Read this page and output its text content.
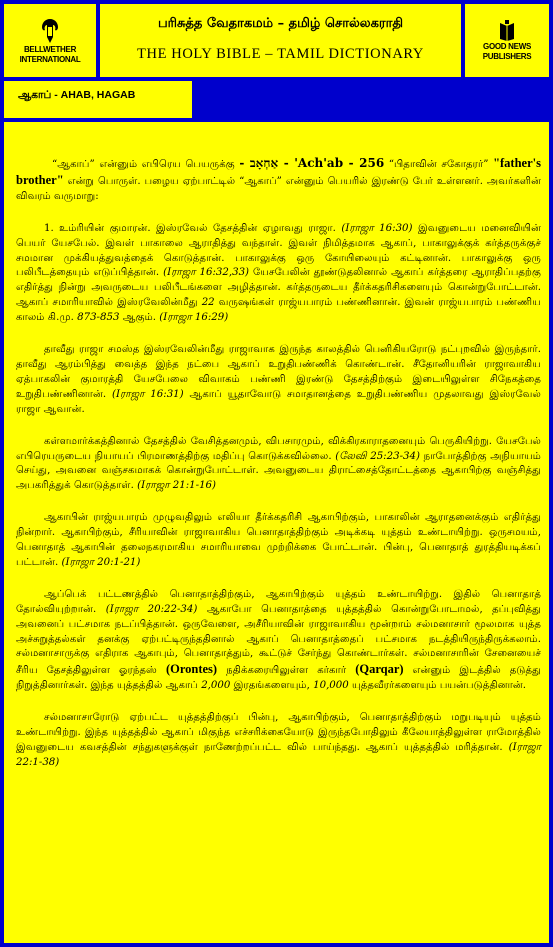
BELLWETHER
INTERNATIONAL
பரிசுத்த வேதாகமம் – தமிழ் சொல்லகராதி
THE HOLY BIBLE – TAMIL DICTIONARY	GOOD NEWS
PUBLISHERS
ஆகாப் - AHAB, HAGAB

“ஆகாப்” என்னும் எபிரெய பெயருக்கு - אַחְאָב - 'Ach'ab - 256 “பிதாவின் சகோதரர்” "father's brother" என்று பொருள். பழைய ஏற்பாட்டில் “ஆகாப்” என்னும் பெயரில் இரண்டு பேர் உள்ளனர். அவர்களின் விவரம் வருமாறு:

1. உம்ரியின் குமாரன். இஸ்ரவேல் தேசத்தின் ஏழாவது ராஜா. (Iராஜா 16:30) இவனுடைய மனைவியின் பெயர் யேசபேல். இவள் பாகாலை ஆராதித்து வந்தாள். இவள் நிமித்தமாக ஆகாப், பாகாலுக்குக் கர்த்தருக்குச் சமமான முக்கியத்துவத்தைக் கொடுத்தான். பாகாலுக்கு ஒரு கோயிலையும் கட்டினான். பாகாலுக்கு ஒரு பலிபீடத்தையும் எடுப்பித்தான். (Iராஜா 16:32,33) யேசபேலின் தூண்டுதலினால் ஆகாப் கர்த்தரை ஆராதிப்பதற்கு எதிர்த்து நின்று அவருடைய பலிபீடங்களை அழித்தான். கர்த்தருடைய தீர்க்கதரிசிகளையும் கொன்றுபோட்டான். ஆகாப் சமாரியாவில் இஸ்ரவேலின்மீது 22 வருஷங்கள் ராஜ்யபாரம் பண்ணினான். இவன் ராஜ்யபாரம் பண்ணிய காலம் கி.மு. 873-853 ஆகும். (Iராஜா 16:29)

தாவீது ராஜா சமஸ்த இஸ்ரவேலின்மீது ராஜாவாக இருந்த காலத்தில் பெனிகியரோடு நட்புறவில் இருந்தார். தாவீது ஆரம்பித்து வைத்த இந்த நட்பை ஆகாப் உறுதிபண்ணிக் கொண்டான். சீதோனியரின் ராஜாவாகிய ஏத்பாகலின் குமாரத்தி யேசபேலை விவாகம் பண்ணி இரண்டு தேசத்திற்கும் இடையிலுள்ள சிநேகத்தை உறுதிபண்ணினான். (Iராஜா 16:31) ஆகாப் யூதாவோடு சமாதானத்தை உறுதிபண்ணிய முதலாவது இஸ்ரவேல் ராஜா ஆவான்.

கள்ளமார்க்கத்தினால் தேசத்தில் வேசித்தனமும், விபசாரமும், விக்கிரகாராதனையும் பெருகியிற்று. யேசபேல் எபிரெயருடைய நியாயப் பிரமாணத்திற்கு மதிப்பு கொடுக்கவில்லை. (லேவி 25:23-34) நாபோத்திற்கு அநியாயம் செய்து, அவனை வஞ்சகமாகக் கொன்றுபோட்டாள். அவனுடைய திராட்சைத்தோட்டத்தை ஆகாபிற்கு வஞ்சித்து அபகரித்துக் கொடுத்தாள். (Iராஜா 21:1-16)

ஆகாபின் ராஜ்யபாரம் முழுவதிலும் எலியா தீர்க்கதரிசி ஆகாபிற்கும், பாகாலின் ஆராதனைக்கும் எதிர்த்து நின்றார். ஆகாபிற்கும், சீரியாவின் ராஜாவாகிய பெனாதாத்திற்கும் அடிக்கடி யுத்தம் உண்டாயிற்று. ஒருசமயம், பெனாதாத் ஆகாபின் தலைநகரமாகிய சமாரியாவை முற்றிக்கை போட்டான். பின்பு, பெனாதாத் துரத்தியடிக்கப் பட்டான். (Iராஜா 20:1-21)

ஆப்பெக் பட்டணத்தில் பெனாதாத்திற்கும், ஆகாபிற்கும் யுத்தம் உண்டாயிற்று. இதில் பெனாதாத் தோல்வியுற்றான். (Iராஜா 20:22-34) ஆகாபோ பெனாதாத்தை யுத்தத்தில் கொன்றுபோடாமல், தப்புவித்து அவனைப் பட்சமாக நடப்பித்தான். ஒருவேளை, அசீரியாவின் ராஜாவாகிய மூன்றாம் சல்மனாசார் மூலமாக யுத்த அச்சுறுத்தல்கள் தனக்கு ஏற்பட்டிருந்ததினால் ஆகாப் பெனாதாத்தைப் பட்சமாக நடத்தியிருந்திருக்கலாம். சல்மனாசாருக்கு எதிராக ஆகாபும், பெனாதாத்தும், கூட்டுச் சேர்ந்து கொண்டார்கள். சல்மனாசாரின் சேனையைச் சீரிய தேசத்திலுள்ள ஓரந்தஸ் (Orontes) நதிக்கரையிலுள்ள கர்கார் (Qarqar) என்னும் இடத்தில் தடுத்து நிறுத்தினார்கள். இந்த யுத்தத்தில் ஆகாப் 2,000 இரதங்களையும், 10,000 யுத்தவீரர்களையும் பயன்படுத்தினான்.

சல்மனாசாரோடு ஏற்பட்ட யுத்தத்திற்குப் பின்பு, ஆகாபிற்கும், பெனாதாத்திற்கும் மறுபடியும் யுத்தம் உண்டாயிற்று. இந்த யுத்தத்தில் ஆகாப் மிகுந்த எச்சரிக்கையோடு இருந்தபோதிலும் கீலேயாத்திலுள்ள ராமோத்தில் இவனுடைய கவசத்தின் சந்துகளுக்குள் நாணேற்றப்பட்ட வில் பாய்ந்தது. ஆகாப் யுத்தத்தில் மரித்தான். (Iராஜா 22:1-38)
